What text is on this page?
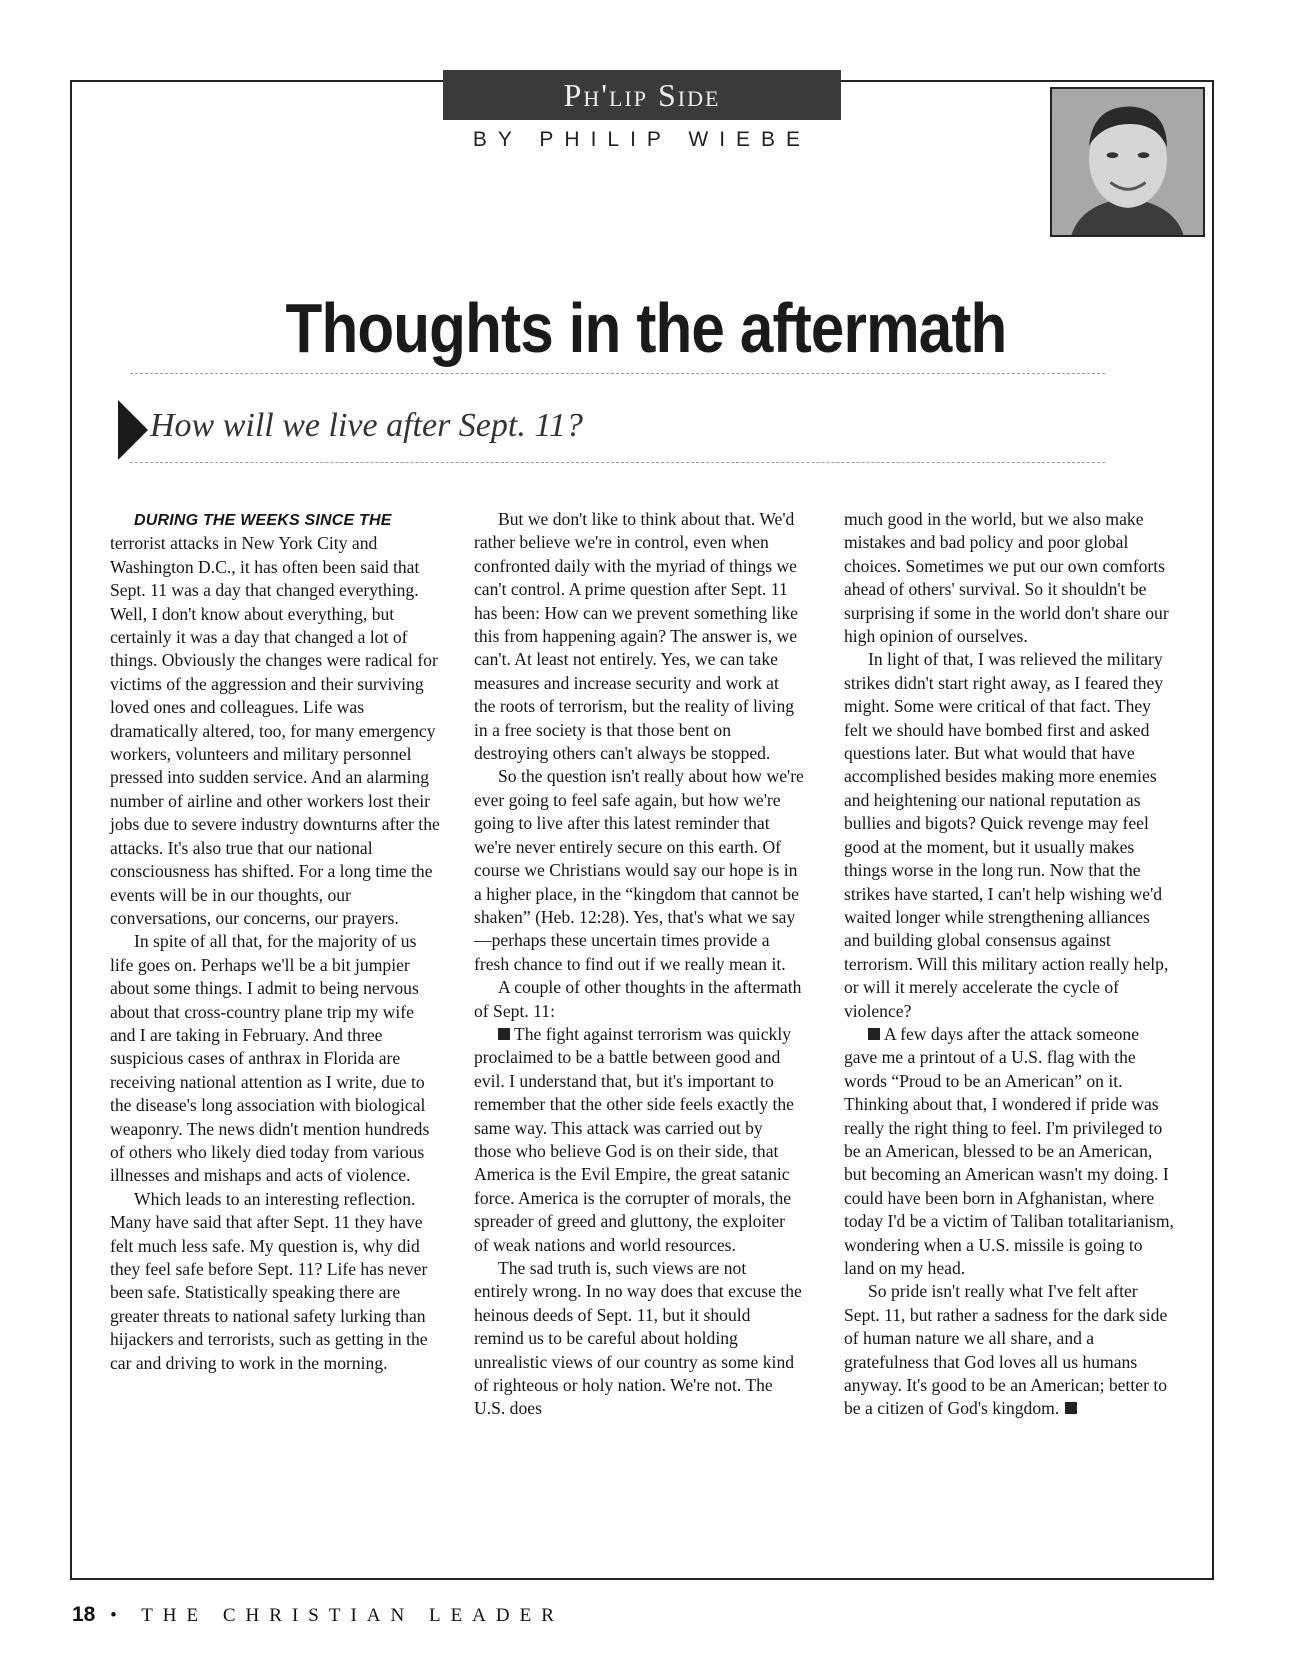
Ph'lip Side
BY PHILIP WIEBE
Thoughts in the aftermath
How will we live after Sept. 11?

DURING THE WEEKS SINCE THE
terrorist attacks in New York City and Washington D.C., it has often been said that Sept. 11 was a day that changed everything. Well, I don't know about everything, but certainly it was a day that changed a lot of things. Obviously the changes were radical for victims of the aggression and their surviving loved ones and colleagues. Life was dramatically altered, too, for many emergency workers, volunteers and military personnel pressed into sudden service. And an alarming number of airline and other workers lost their jobs due to severe industry downturns after the attacks. It's also true that our national consciousness has shifted. For a long time the events will be in our thoughts, our conversations, our concerns, our prayers.

In spite of all that, for the majority of us life goes on. Perhaps we'll be a bit jumpier about some things. I admit to being nervous about that cross-country plane trip my wife and I are taking in February. And three suspicious cases of anthrax in Florida are receiving national attention as I write, due to the disease's long association with biological weaponry. The news didn't mention hundreds of others who likely died today from various illnesses and mishaps and acts of violence.

Which leads to an interesting reflection. Many have said that after Sept. 11 they have felt much less safe. My question is, why did they feel safe before Sept. 11? Life has never been safe. Statistically speaking there are greater threats to national safety lurking than hijackers and terrorists, such as getting in the car and driving to work in the morning.

But we don't like to think about that. We'd rather believe we're in control, even when confronted daily with the myriad of things we can't control. A prime question after Sept. 11 has been: How can we prevent something like this from happening again? The answer is, we can't. At least not entirely. Yes, we can take measures and increase security and work at the roots of terrorism, but the reality of living in a free society is that those bent on destroying others can't always be stopped.

So the question isn't really about how we're ever going to feel safe again, but how we're going to live after this latest reminder that we're never entirely secure on this earth. Of course we Christians would say our hope is in a higher place, in the “kingdom that cannot be shaken” (Heb. 12:28). Yes, that's what we say—perhaps these uncertain times provide a fresh chance to find out if we really mean it.

A couple of other thoughts in the aftermath of Sept. 11:

The fight against terrorism was quickly proclaimed to be a battle between good and evil. I understand that, but it's important to remember that the other side feels exactly the same way. This attack was carried out by those who believe God is on their side, that America is the Evil Empire, the great satanic force. America is the corrupter of morals, the spreader of greed and gluttony, the exploiter of weak nations and world resources.

The sad truth is, such views are not entirely wrong. In no way does that excuse the heinous deeds of Sept. 11, but it should remind us to be careful about holding unrealistic views of our country as some kind of righteous or holy nation. We're not. The U.S. does

much good in the world, but we also make mistakes and bad policy and poor global choices. Sometimes we put our own comforts ahead of others' survival. So it shouldn't be surprising if some in the world don't share our high opinion of ourselves.

In light of that, I was relieved the military strikes didn't start right away, as I feared they might. Some were critical of that fact. They felt we should have bombed first and asked questions later. But what would that have accomplished besides making more enemies and heightening our national reputation as bullies and bigots? Quick revenge may feel good at the moment, but it usually makes things worse in the long run. Now that the strikes have started, I can't help wishing we'd waited longer while strengthening alliances and building global consensus against terrorism. Will this military action really help, or will it merely accelerate the cycle of violence?

A few days after the attack someone gave me a printout of a U.S. flag with the words “Proud to be an American” on it. Thinking about that, I wondered if pride was really the right thing to feel. I'm privileged to be an American, blessed to be an American, but becoming an American wasn't my doing. I could have been born in Afghanistan, where today I'd be a victim of Taliban totalitarianism, wondering when a U.S. missile is going to land on my head.

So pride isn't really what I've felt after Sept. 11, but rather a sadness for the dark side of human nature we all share, and a gratefulness that God loves all us humans anyway. It's good to be an American; better to be a citizen of God's kingdom.

18 • THE CHRISTIAN LEADER
